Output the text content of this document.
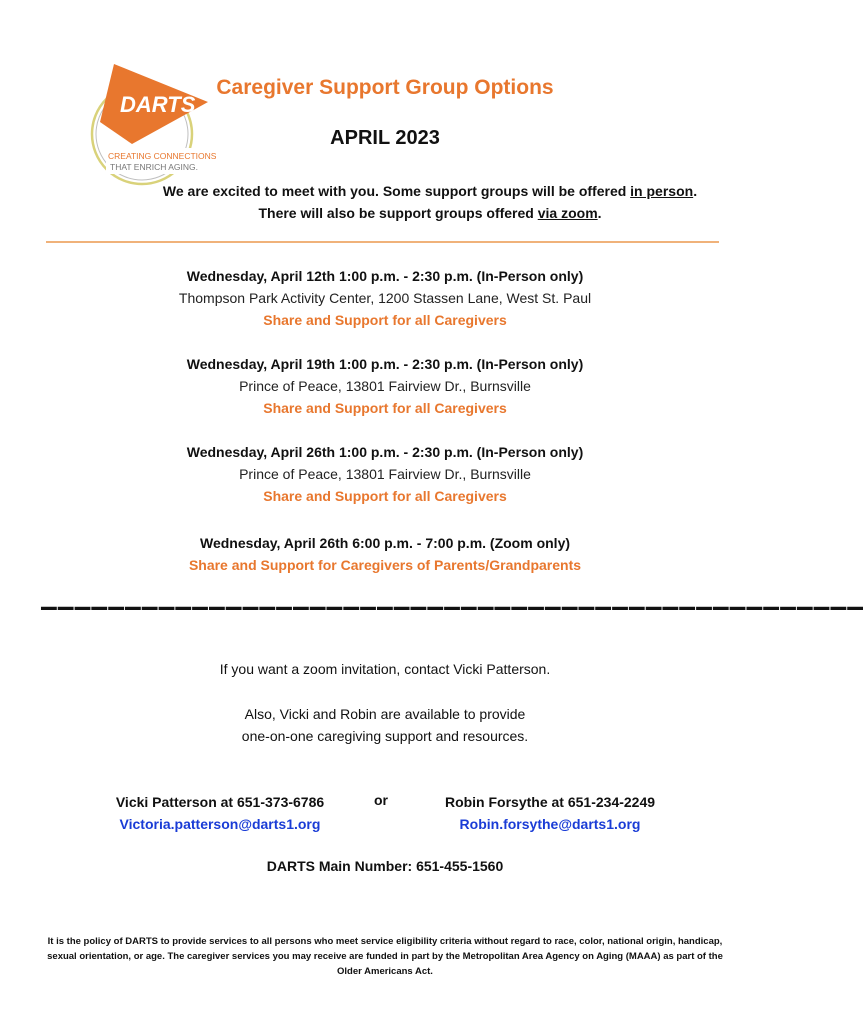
DARTS
CREATING CONNECTIONS
THAT ENRICH AGING.
Caregiver Support Group Options
APRIL 2023
We are excited to meet with you. Some support groups will be offered in person. There will also be support groups offered via zoom.
Wednesday, April 12th 1:00 p.m. - 2:30 p.m. (In-Person only)
Thompson Park Activity Center, 1200 Stassen Lane, West St. Paul
Share and Support for all Caregivers
Wednesday, April 19th 1:00 p.m. - 2:30 p.m. (In-Person only)
Prince of Peace, 13801 Fairview Dr., Burnsville
Share and Support for all Caregivers
Wednesday, April 26th 1:00 p.m. - 2:30 p.m. (In-Person only)
Prince of Peace, 13801 Fairview Dr., Burnsville
Share and Support for all Caregivers
Wednesday, April 26th 6:00 p.m. - 7:00 p.m. (Zoom only)
Share and Support for Caregivers of Parents/Grandparents
–––––––––––––––––––––––––––––––––––––––––––––––––
If you want a zoom invitation, contact Vicki Patterson.
Also, Vicki and Robin are available to provide
one-on-one caregiving support and resources.
Vicki Patterson at 651-373-6786
Victoria.patterson@darts1.org
or	Robin Forsythe at 651-234-2249
Robin.forsythe@darts1.org
DARTS Main Number: 651-455-1560
It is the policy of DARTS to provide services to all persons who meet service eligibility criteria without regard to race, color, national origin, handicap, sexual orientation, or age. The caregiver services you may receive are funded in part by the Metropolitan Area Agency on Aging (MAAA) as part of the Older Americans Act.
